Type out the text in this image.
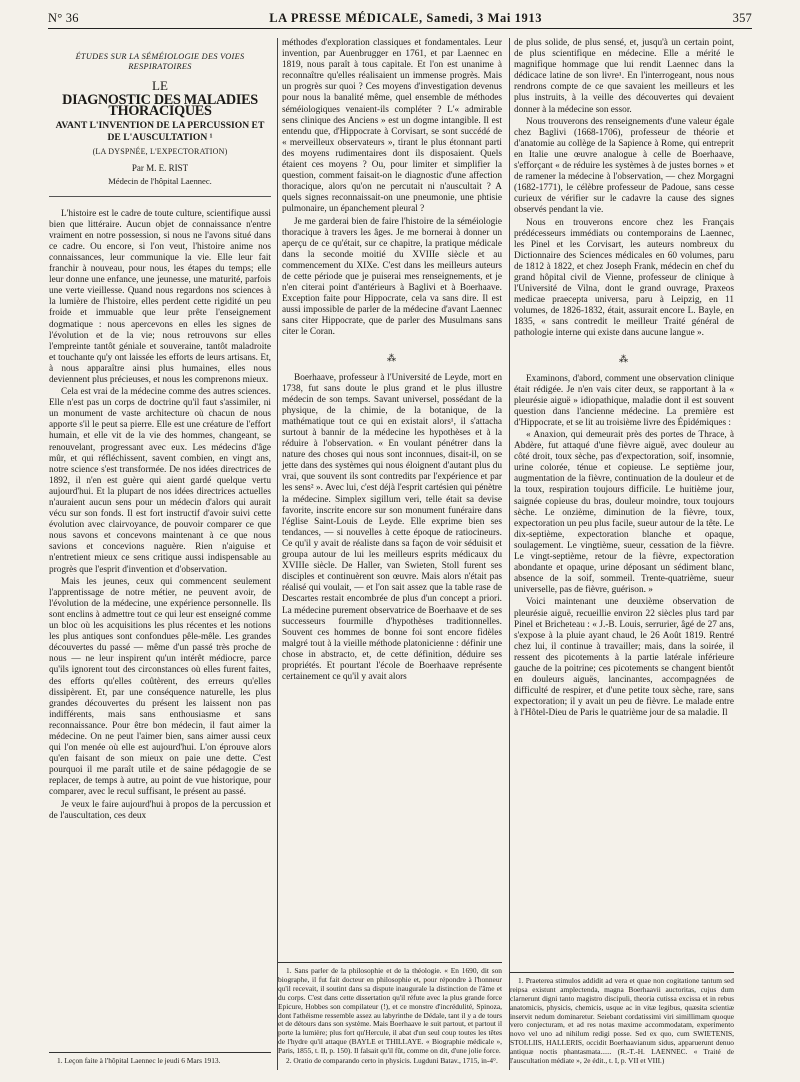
N° 36	LA PRESSE MÉDICALE, Samedi, 3 Mai 1913	357
ÉTUDES SUR LA SÉMÉIOLOGIE DES VOIES RESPIRATOIRES
LE
DIAGNOSTIC DES MALADIES THORACIQUES
AVANT L'INVENTION DE LA PERCUSSION ET DE L'AUSCULTATION ¹
(LA DYSPNÉE, L'EXPECTORATION)
Par M. E. RIST
Médecin de l'hôpital Laennec.

L'histoire est le cadre de toute culture, scientifique aussi bien que littéraire. Aucun objet de connaissance n'entre vraiment en notre possession, si nous ne l'avons situé dans ce cadre. Ou encore, si l'on veut, l'histoire anime nos connaissances, leur communique la vie. Elle leur fait franchir à nouveau, pour nous, les étapes du temps; elle leur donne une enfance, une jeunesse, une maturité, parfois une verte vieillesse. Quand nous regardons nos sciences à la lumière de l'histoire, elles perdent cette rigidité un peu froide et immuable que leur prête l'enseignement dogmatique : nous apercevons en elles les signes de l'évolution et de la vie; nous retrouvons sur elles l'empreinte tantôt géniale et souveraine, tantôt maladroite et touchante qu'y ont laissée les efforts de leurs artisans. Et, à nous apparaître ainsi plus humaines, elles nous deviennent plus précieuses, et nous les comprenons mieux.

Cela est vrai de la médecine comme des autres sciences. Elle n'est pas un corps de doctrine qu'il faut s'assimiler, ni un monument de vaste architecture où chacun de nous apporte s'il le peut sa pierre. Elle est une créature de l'effort humain, et elle vit de la vie des hommes, changeant, se renouvelant, progressant avec eux. Les médecins d'âge mûr, et qui réfléchissent, savent combien, en vingt ans, notre science s'est transformée. De nos idées directrices de 1892, il n'en est guère qui aient gardé quelque vertu aujourd'hui. Et la plupart de nos idées directrices actuelles n'auraient aucun sens pour un médecin d'alors qui aurait vécu sur son fonds. Il est fort instructif d'avoir suivi cette évolution avec clairvoyance, de pouvoir comparer ce que nous savons et concevons maintenant à ce que nous savions et concevions naguère. Rien n'aiguise et n'entretient mieux ce sens critique aussi indispensable au progrès que l'esprit d'invention et d'observation.

Mais les jeunes, ceux qui commencent seulement l'apprentissage de notre métier, ne peuvent avoir, de l'évolution de la médecine, une expérience personnelle. Ils sont enclins à admettre tout ce qui leur est enseigné comme un bloc où les acquisitions les plus récentes et les notions les plus antiques sont confondues pêle-mêle. Les grandes découvertes du passé — même d'un passé très proche de nous — ne leur inspirent qu'un intérêt médiocre, parce qu'ils ignorent tout des circonstances où elles furent faites, des efforts qu'elles coûtèrent, des erreurs qu'elles dissipèrent. Et, par une conséquence naturelle, les plus grandes découvertes du présent les laissent non pas indifférents, mais sans enthousiasme et sans reconnaissance. Pour être bon médecin, il faut aimer la médecine. On ne peut l'aimer bien, sans aimer aussi ceux qui l'on menée où elle est aujourd'hui. L'on éprouve alors qu'en faisant de son mieux on paie une dette. C'est pourquoi il me paraît utile et de saine pédagogie de se replacer, de temps à autre, au point de vue historique, pour comparer, avec le recul suffisant, le présent au passé.

Je veux le faire aujourd'hui à propos de la percussion et de l'auscultation, ces deux

1. Leçon faite à l'hôpital Laennec le jeudi 6 Mars 1913.

méthodes d'exploration classiques et fondamentales. Leur invention, par Auenbrugger en 1761, et par Laennec en 1819, nous paraît à tous capitale. Et l'on est unanime à reconnaître qu'elles réalisaient un immense progrès. Mais un progrès sur quoi ? Ces moyens d'investigation devenus pour nous la banalité même, quel ensemble de méthodes séméiologiques venaient-ils compléter ? L'« admirable sens clinique des Anciens » est un dogme intangible. Il est entendu que, d'Hippocrate à Corvisart, se sont succédé de « merveilleux observateurs », tirant le plus étonnant parti des moyens rudimentaires dont ils disposaient. Quels étaient ces moyens ? Ou, pour limiter et simplifier la question, comment faisait-on le diagnostic d'une affection thoracique, alors qu'on ne percutait ni n'auscultait ? A quels signes reconnaissait-on une pneumonie, une phtisie pulmonaire, un épanchement pleural ?

Je me garderai bien de faire l'histoire de la séméiologie thoracique à travers les âges. Je me bornerai à donner un aperçu de ce qu'était, sur ce chapitre, la pratique médicale dans la seconde moitié du XVIIIe siècle et au commencement du XIXe. C'est dans les meilleurs auteurs de cette période que je puiserai mes renseignements, et je n'en citerai point d'antérieurs à Baglivi et à Boerhaave. Exception faite pour Hippocrate, cela va sans dire. Il est aussi impossible de parler de la médecine d'avant Laennec sans citer Hippocrate, que de parler des Musulmans sans citer le Coran.

⁂

Boerhaave, professeur à l'Université de Leyde, mort en 1738, fut sans doute le plus grand et le plus illustre médecin de son temps. Savant universel, possédant de la physique, de la chimie, de la botanique, de la mathématique tout ce qui en existait alors¹, il s'attacha surtout à bannir de la médecine les hypothèses et à la réduire à l'observation. « En voulant pénétrer dans la nature des choses qui nous sont inconnues, disait-il, on se jette dans des systèmes qui nous éloignent d'autant plus du vrai, que souvent ils sont contredits par l'expérience et par les sens² ». Avec lui, c'est déjà l'esprit cartésien qui pénètre la médecine. Simplex sigillum veri, telle était sa devise favorite, inscrite encore sur son monument funéraire dans l'église Saint-Louis de Leyde. Elle exprime bien ses tendances, — si nouvelles à cette époque de ratiocineurs. Ce qu'il y avait de réaliste dans sa façon de voir séduisit et groupa autour de lui les meilleurs esprits médicaux du XVIIIe siècle. De Haller, van Swieten, Stoll furent ses disciples et continuèrent son œuvre. Mais alors n'était pas réalisé qui voulait, — et l'on sait assez que la table rase de Descartes restait encombrée de plus d'un concept a priori. La médecine purement observatrice de Boerhaave et de ses successeurs fourmille d'hypothèses traditionnelles. Souvent ces hommes de bonne foi sont encore fidèles malgré tout à la vieille méthode platonicienne : définir une chose in abstracto, et, de cette définition, déduire ses propriétés. Et pourtant l'école de Boerhaave représente certainement ce qu'il y avait alors

1. Sans parler de la philosophie et de la théologie. « En 1690, dit son biographe, il fut fait docteur en philosophie et, pour répondre à l'honneur qu'il recevait, il soutint dans sa dispute inaugurale la distinction de l'âme et du corps. C'est dans cette dissertation qu'il réfute avec la plus grande force Epicure, Hobbes son compilateur (!), et ce monstre d'incrédulité, Spinoza, dont l'athéisme ressemble assez au labyrinthe de Dédale, tant il y a de tours et de détours dans son système. Mais Boerhaave le suit partout, et partout il porte la lumière; plus fort qu'Hercule, il abat d'un seul coup toutes les têtes de l'hydre qu'il attaque (BAYLE et THILLAYE. « Biographie médicale », Paris, 1855, t. II, p. 150). Il falsait qu'il fût, comme on dit, d'une jolie force.

2. Oratio de comparando certo in physicis. Lugduni Batav., 1715, in-4°.

de plus solide, de plus sensé, et, jusqu'à un certain point, de plus scientifique en médecine. Elle a mérité le magnifique hommage que lui rendit Laennec dans la dédicace latine de son livre¹. En l'interrogeant, nous nous rendrons compte de ce que savaient les meilleurs et les plus instruits, à la veille des découvertes qui devaient donner à la médecine son essor.

Nous trouverons des renseignements d'une valeur égale chez Baglivi (1668-1706), professeur de théorie et d'anatomie au collège de la Sapience à Rome, qui entreprit en Italie une œuvre analogue à celle de Boerhaave, s'efforçant « de réduire les systèmes à de justes bornes » et de ramener la médecine à l'observation, — chez Morgagni (1682-1771), le célèbre professeur de Padoue, sans cesse curieux de vérifier sur le cadavre la cause des signes observés pendant la vie.

Nous en trouverons encore chez les Français prédécesseurs immédiats ou contemporains de Laennec, les Pinel et les Corvisart, les auteurs nombreux du Dictionnaire des Sciences médicales en 60 volumes, paru de 1812 à 1822, et chez Joseph Frank, médecin en chef du grand hôpital civil de Vienne, professeur de clinique à l'Université de Vilna, dont le grand ouvrage, Praxeos medicae praecepta universa, paru à Leipzig, en 11 volumes, de 1826-1832, était, assurait encore L. Bayle, en 1835, « sans contredit le meilleur Traité général de pathologie interne qui existe dans aucune langue ».

⁂

Examinons, d'abord, comment une observation clinique était rédigée. Je n'en vais citer deux, se rapportant à la « pleurésie aiguë » idiopathique, maladie dont il est souvent question dans l'ancienne médecine. La première est d'Hippocrate, et se lit au troisième livre des Épidémiques :

« Anaxion, qui demeurait près des portes de Thrace, à Abdère, fut attaqué d'une fièvre aiguë, avec douleur au côté droit, toux sèche, pas d'expectoration, soif, insomnie, urine colorée, ténue et copieuse. Le septième jour, augmentation de la fièvre, continuation de la douleur et de la toux, respiration toujours difficile. Le huitième jour, saignée copieuse du bras, douleur moindre, toux toujours sèche. Le onzième, diminution de la fièvre, toux, expectoration un peu plus facile, sueur autour de la tête. Le dix-septième, expectoration blanche et opaque, soulagement. Le vingtième, sueur, cessation de la fièvre. Le vingt-septième, retour de la fièvre, expectoration abondante et opaque, urine déposant un sédiment blanc, absence de la soif, sommeil. Trente-quatrième, sueur universelle, pas de fièvre, guérison. »

Voici maintenant une deuxième observation de pleurésie aiguë, recueillie environ 22 siècles plus tard par Pinel et Bricheteau : « J.-B. Louis, serrurier, âgé de 27 ans, s'expose à la pluie ayant chaud, le 26 Août 1819. Rentré chez lui, il continue à travailler; mais, dans la soirée, il ressent des picotements à la partie latérale inférieure gauche de la poitrine; ces picotements se changent bientôt en douleurs aiguës, lancinantes, accompagnées de difficulté de respirer, et d'une petite toux sèche, rare, sans expectoration; il y avait un peu de fièvre. Le malade entre à l'Hôtel-Dieu de Paris le quatrième jour de sa maladie. Il

1. Praeterea stimulos addidit ad vera et quae non cogitatione tantum sed reipsa existunt amplectenda, magna Boerhaavii auctoritas, cujus dum clarnerunt digni tanto magistro discipuli, theoria cutissa excissa et in rebus anatomicis, physicis, chemicis, usque ac in vitæ legibus, quæsita scientiæ inservit nedum dominaretur. Seiebant cordatissimi viri simillimam quoque vero conjecturam, et ad res notas maxime accommodatam, experimento novo vel uno ad nihilum redigi posse. Sed ex quo, cum SWIETENIS, STOLLIIS, HALLERIS, occidit Boerhaavianum sidus, apparuerunt denuo antiquæ noctis phantasmata...... (R.-T.-H. LAENNEC. « Traité de l'auscultation médiate », 2e édit., t. I, p. VII et VIII.)
